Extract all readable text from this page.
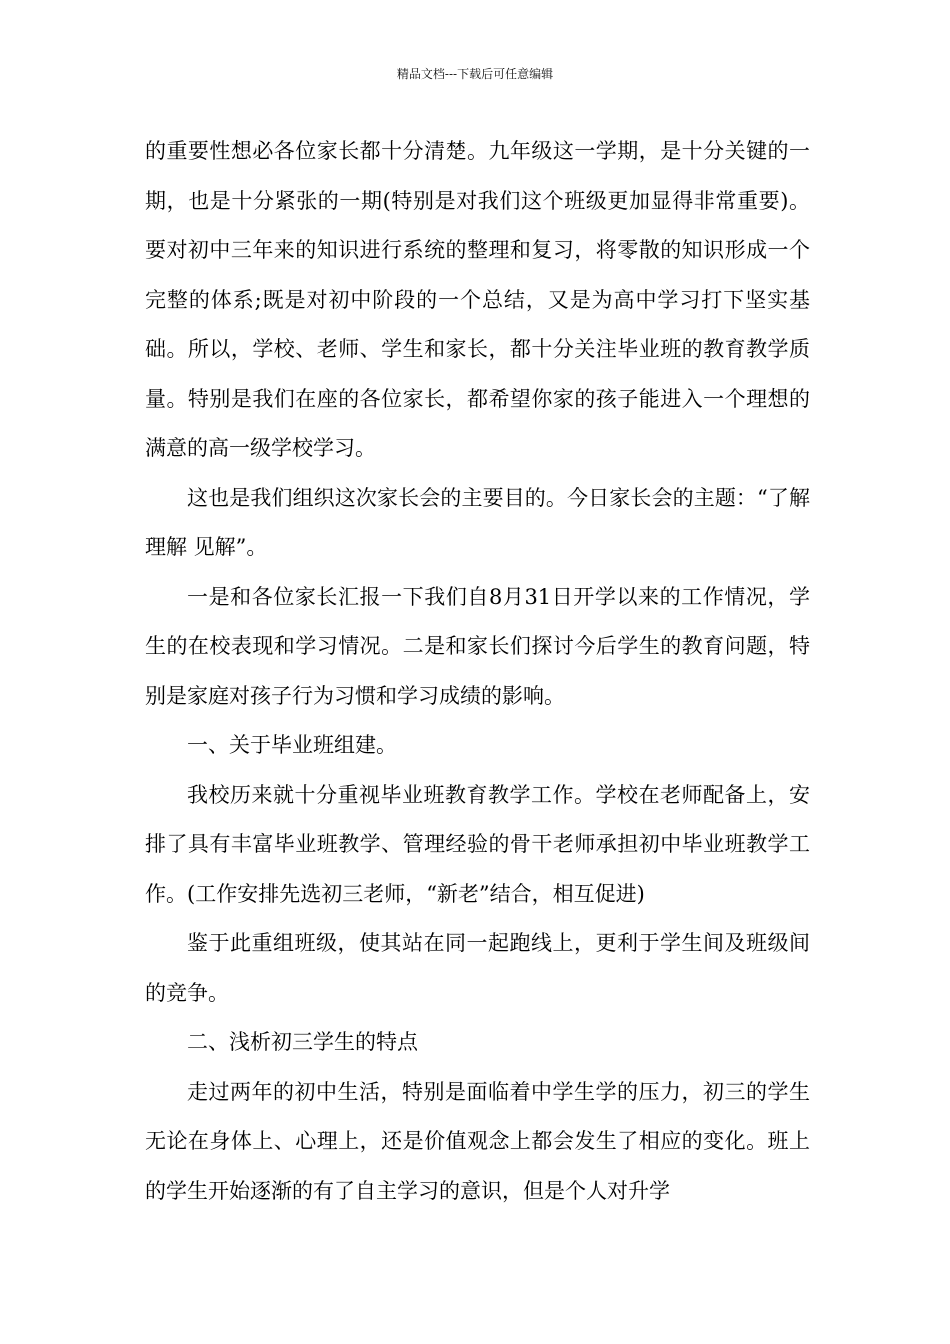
精品文档---下载后可任意编辑

的重要性想必各位家长都十分清楚。九年级这一学期，是十分关键的一期，也是十分紧张的一期(特别是对我们这个班级更加显得非常重要)。要对初中三年来的知识进行系统的整理和复习，将零散的知识形成一个完整的体系;既是对初中阶段的一个总结，又是为高中学习打下坚实基础。所以，学校、老师、学生和家长，都十分关注毕业班的教育教学质量。特别是我们在座的各位家长，都希望你家的孩子能进入一个理想的满意的高一级学校学习。

这也是我们组织这次家长会的主要目的。今日家长会的主题：“了解 理解 见解”。

一是和各位家长汇报一下我们自8月31日开学以来的工作情况，学生的在校表现和学习情况。二是和家长们探讨今后学生的教育问题，特别是家庭对孩子行为习惯和学习成绩的影响。

一、关于毕业班组建。

我校历来就十分重视毕业班教育教学工作。学校在老师配备上，安排了具有丰富毕业班教学、管理经验的骨干老师承担初中毕业班教学工作。(工作安排先选初三老师，“新老”结合，相互促进)

鉴于此重组班级，使其站在同一起跑线上，更利于学生间及班级间的竞争。

二、浅析初三学生的特点

走过两年的初中生活，特别是面临着中学生学的压力，初三的学生无论在身体上、心理上，还是价值观念上都会发生了相应的变化。班上的学生开始逐渐的有了自主学习的意识，但是个人对升学
